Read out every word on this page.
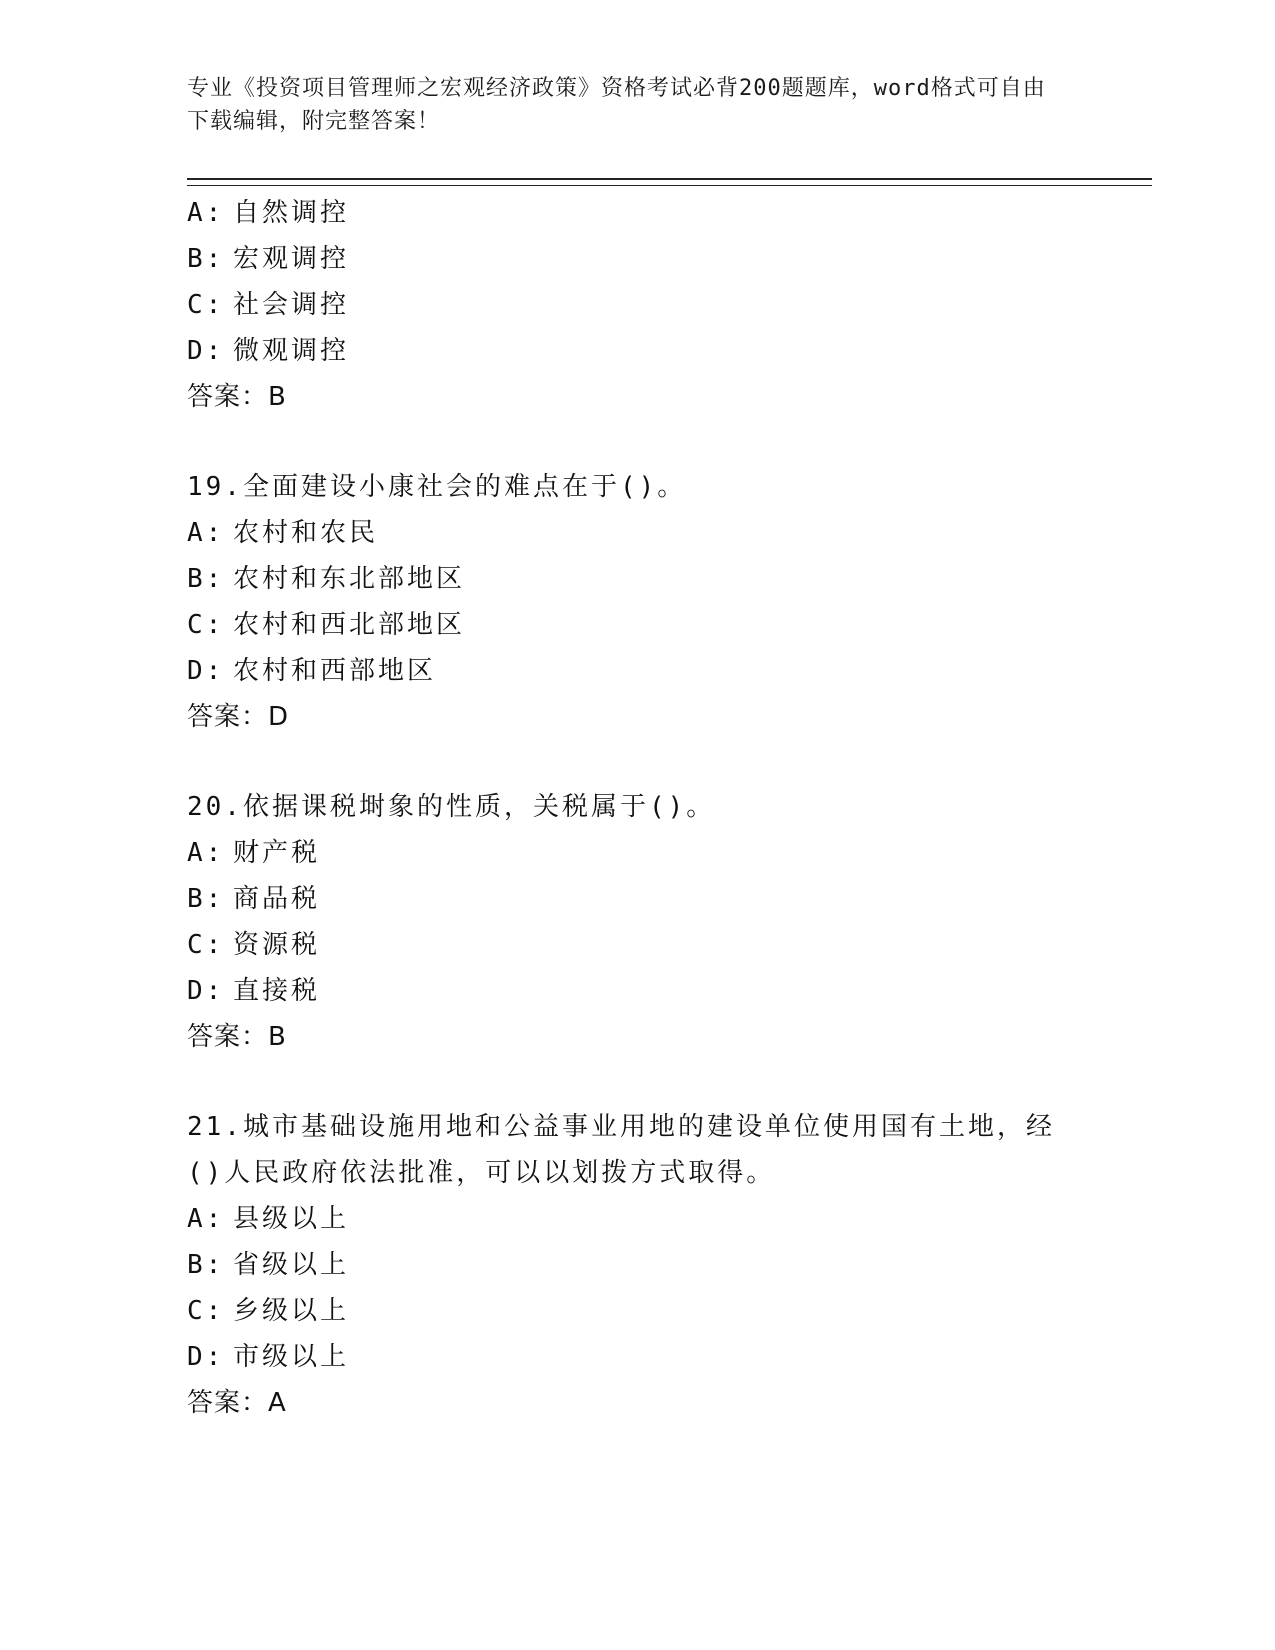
专业《投资项目管理师之宏观经济政策》资格考试必背200题题库，word格式可自由下载编辑，附完整答案！
A: 自然调控
B: 宏观调控
C: 社会调控
D: 微观调控
答案：B
19.全面建设小康社会的难点在于()。
A: 农村和农民
B: 农村和东北部地区
C: 农村和西北部地区
D: 农村和西部地区
答案：D
20.依据课税埘象的性质，关税属于()。
A: 财产税
B: 商品税
C: 资源税
D: 直接税
答案：B
21.城市基础设施用地和公益事业用地的建设单位使用国有土地，经()人民政府依法批准，可以以划拨方式取得。
A: 县级以上
B: 省级以上
C: 乡级以上
D: 市级以上
答案：A
